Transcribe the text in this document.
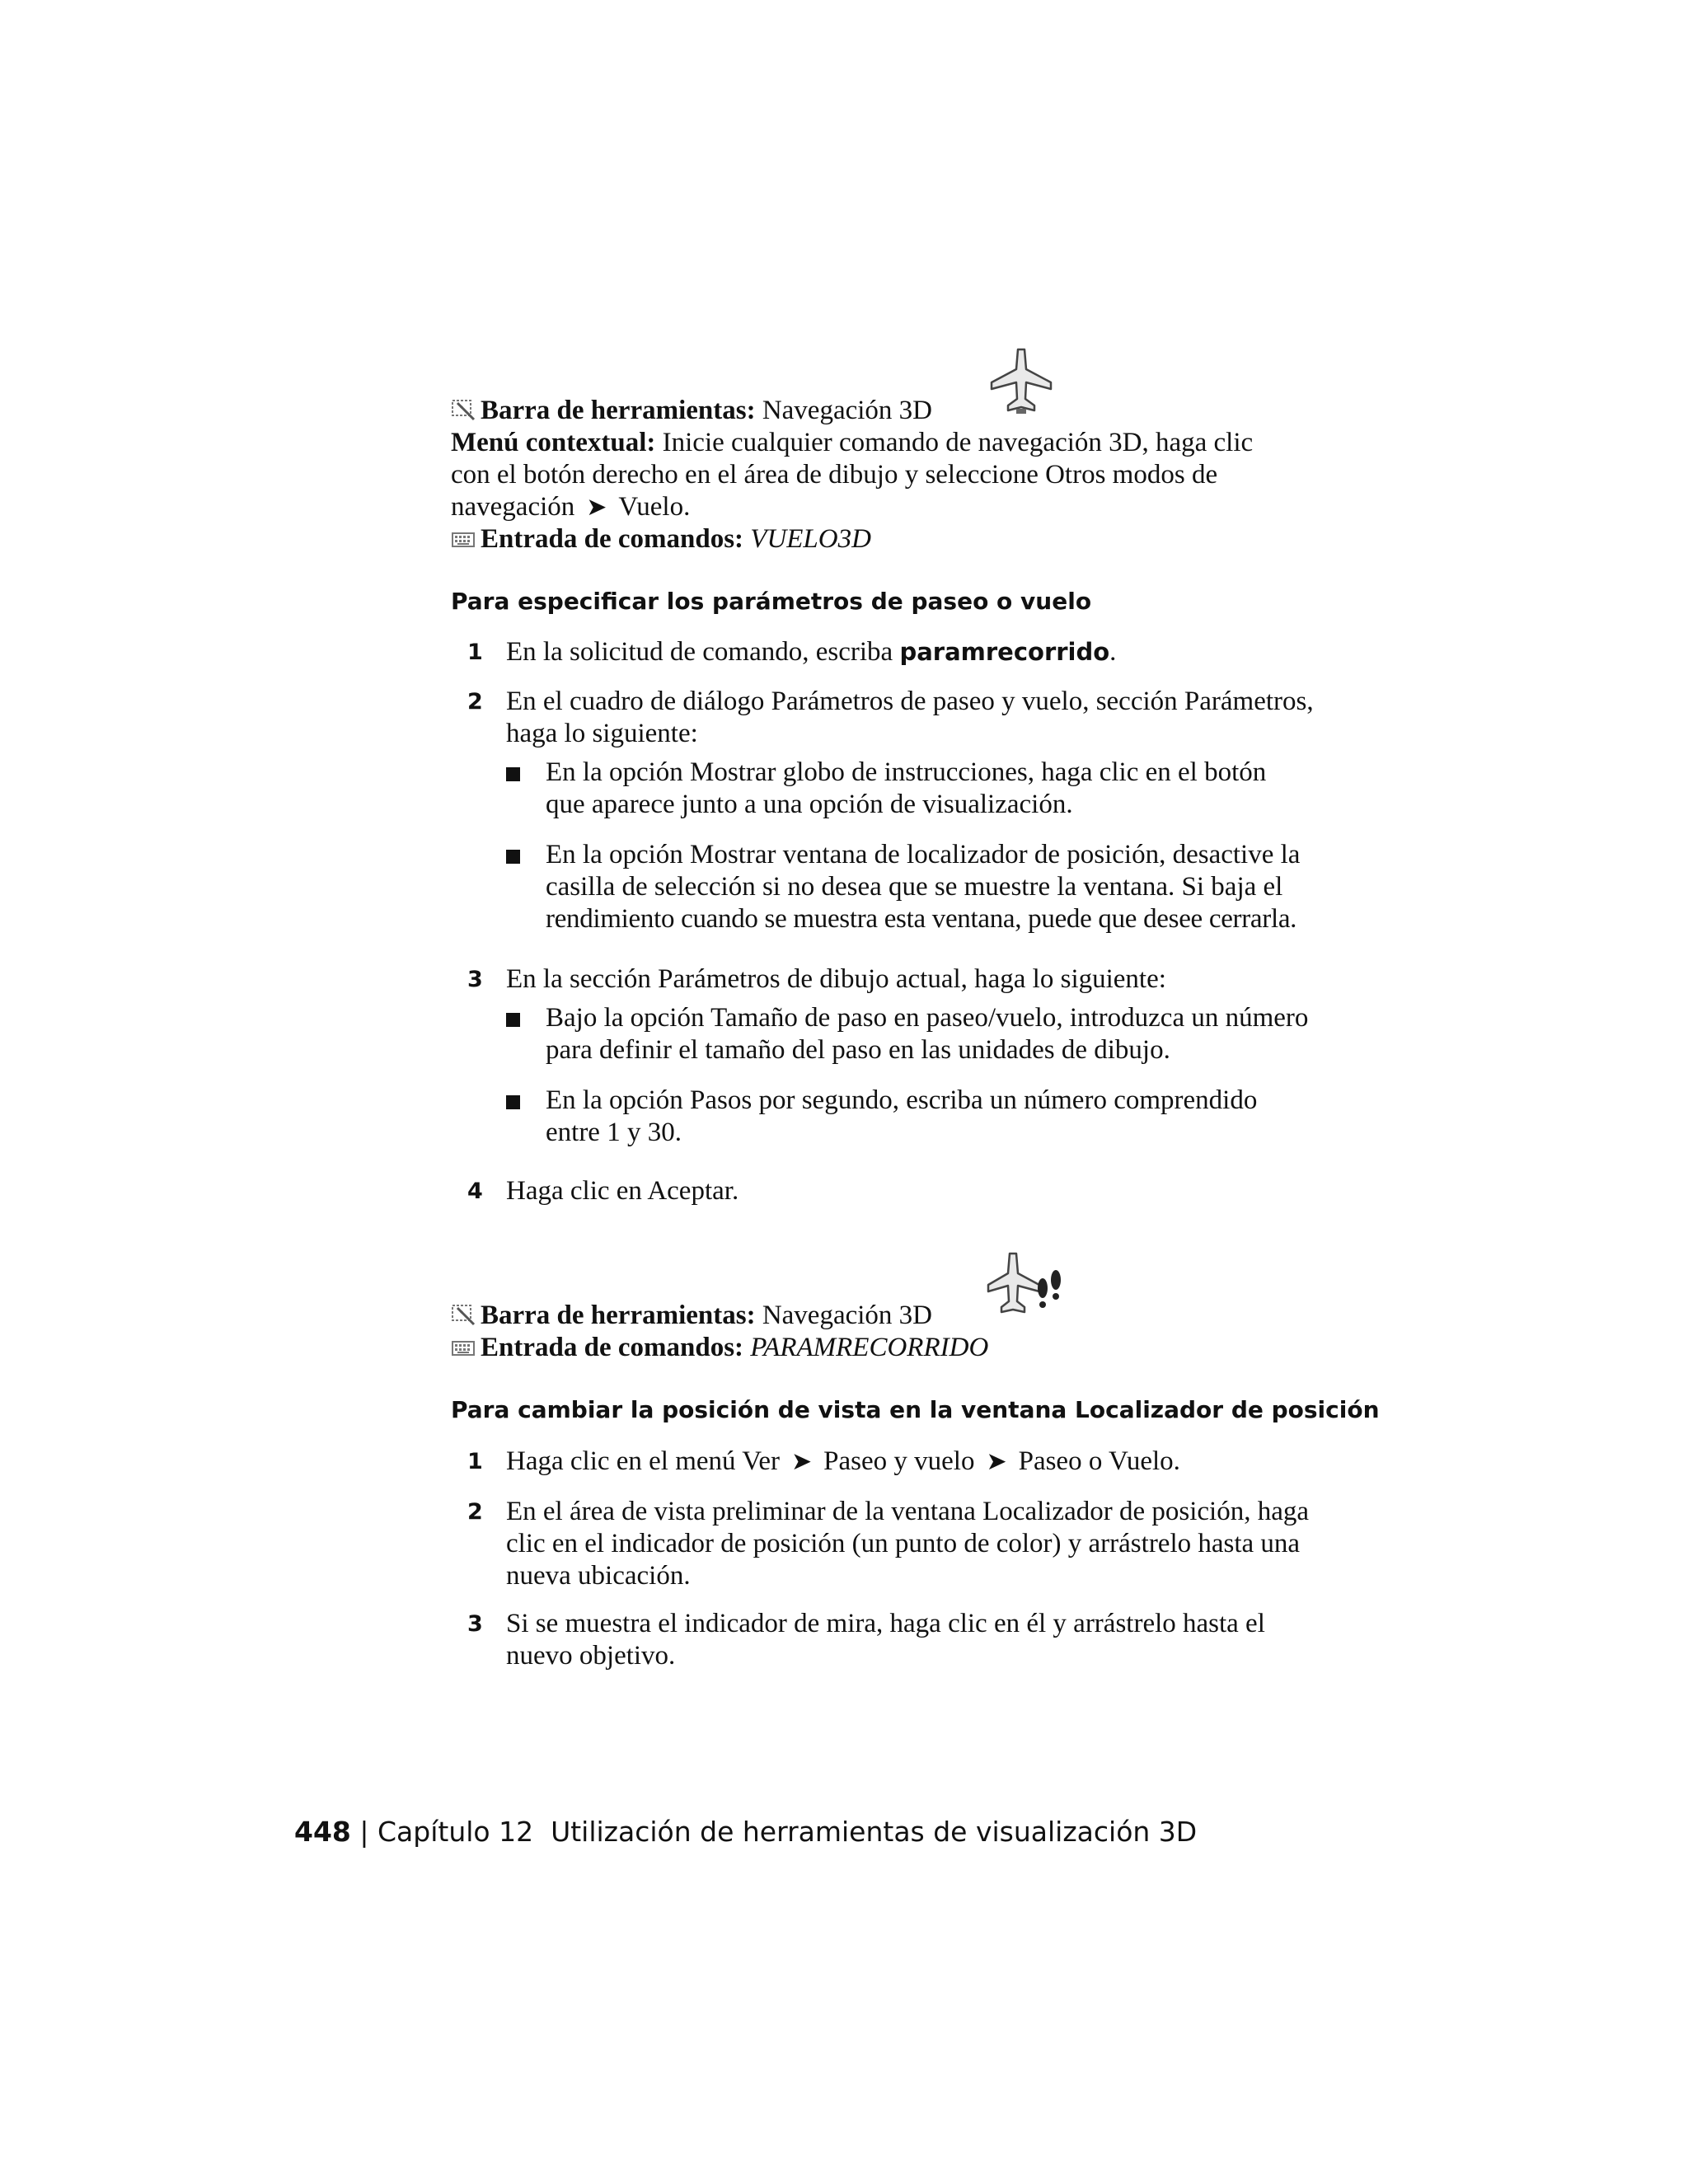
Barra de herramientas: Navegación 3D
Menú contextual: Inicie cualquier comando de navegación 3D, haga clic
con el botón derecho en el área de dibujo y seleccione Otros modos de
navegación ➤ Vuelo.
Entrada de comandos: VUELO3D
Para especificar los parámetros de paseo o vuelo
1 En la solicitud de comando, escriba paramrecorrido.
2 En el cuadro de diálogo Parámetros de paseo y vuelo, sección Parámetros,
haga lo siguiente:
En la opción Mostrar globo de instrucciones, haga clic en el botón
que aparece junto a una opción de visualización.
En la opción Mostrar ventana de localizador de posición, desactive la
casilla de selección si no desea que se muestre la ventana. Si baja el
rendimiento cuando se muestra esta ventana, puede que desee cerrarla.
3 En la sección Parámetros de dibujo actual, haga lo siguiente:
Bajo la opción Tamaño de paso en paseo/vuelo, introduzca un número
para definir el tamaño del paso en las unidades de dibujo.
En la opción Pasos por segundo, escriba un número comprendido
entre 1 y 30.
4 Haga clic en Aceptar.
Barra de herramientas: Navegación 3D
Entrada de comandos: PARAMRECORRIDO
Para cambiar la posición de vista en la ventana Localizador de posición
1 Haga clic en el menú Ver ➤ Paseo y vuelo ➤ Paseo o Vuelo.
2 En el área de vista preliminar de la ventana Localizador de posición, haga
clic en el indicador de posición (un punto de color) y arrástrelo hasta una
nueva ubicación.
3 Si se muestra el indicador de mira, haga clic en él y arrástrelo hasta el
nuevo objetivo.
448 | Capítulo 12 Utilización de herramientas de visualización 3D
